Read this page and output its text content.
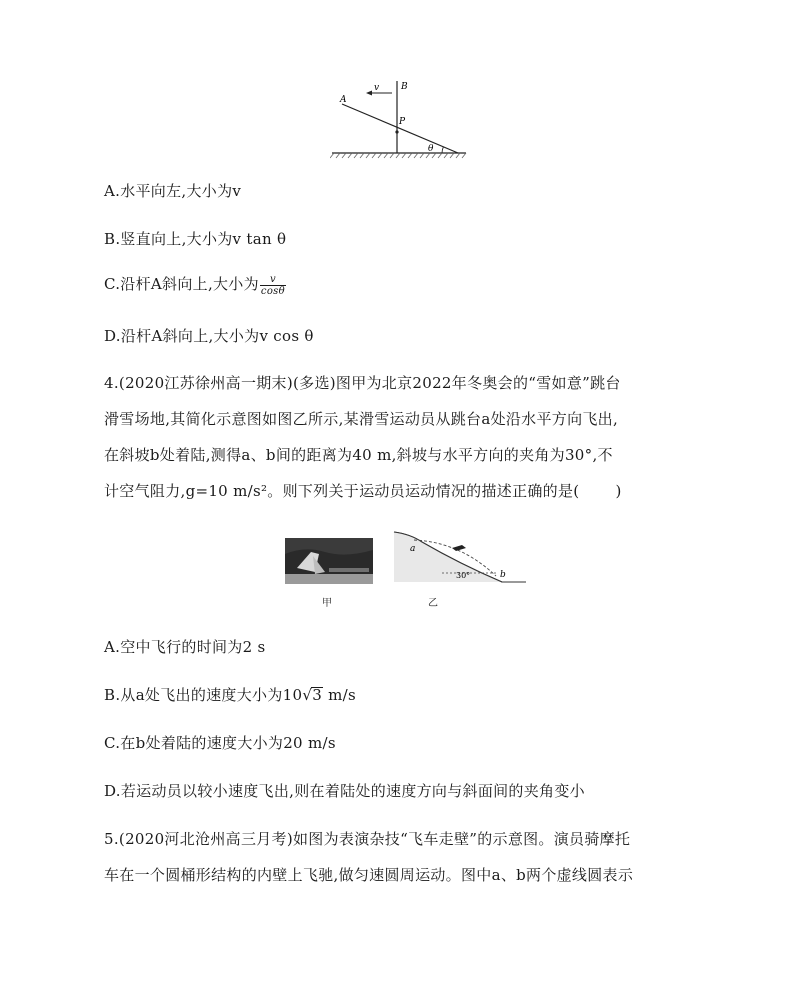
v B
A
P
θ
A.水平向左,大小为v
B.竖直向上,大小为v tan θ
C.沿杆A斜向上,大小为 $\frac{v}{\cos\theta}$
D.沿杆A斜向上,大小为v cos θ
4.(2020江苏徐州高一期末)(多选)图甲为北京2022年冬奥会的“雪如意”跳台
滑雪场地,其简化示意图如图乙所示,某滑雪运动员从跳台a处沿水平方向飞出,
在斜坡b处着陆,测得a、b间的距离为40 m,斜坡与水平方向的夹角为30°,不
计空气阻力,g=10 m/s²。则下列关于运动员运动情况的描述正确的是( )
甲
a
b
30°
乙
A.空中飞行的时间为2 s
B.从a处飞出的速度大小为10√3 m/s
C.在b处着陆的速度大小为20 m/s
D.若运动员以较小速度飞出,则在着陆处的速度方向与斜面间的夹角变小
5.(2020河北沧州高三月考)如图为表演杂技“飞车走壁”的示意图。演员骑摩托
车在一个圆桶形结构的内壁上飞驰,做匀速圆周运动。图中a、b两个虚线圆表示
